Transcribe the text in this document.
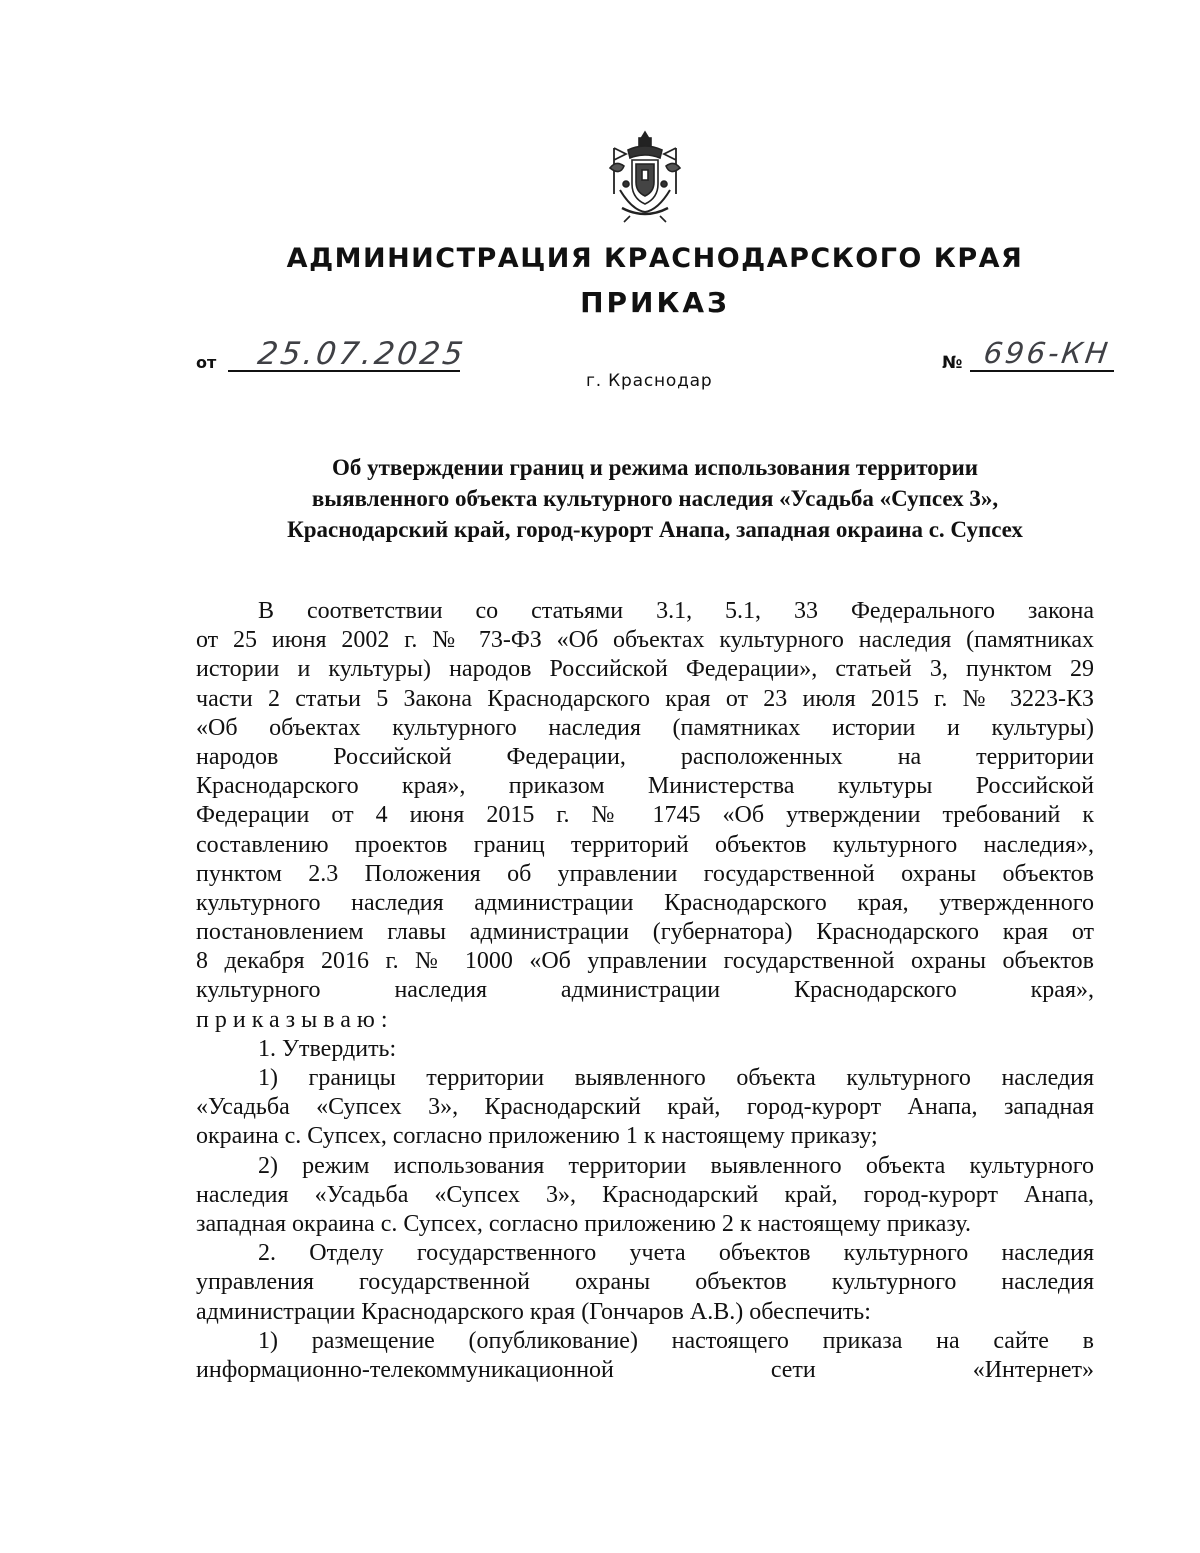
АДМИНИСТРАЦИЯ КРАСНОДАРСКОГО КРАЯ
ПРИКАЗ
от 25.07.2025	№ 696-КН
г. Краснодар
Об утверждении границ и режима использования территории
выявленного объекта культурного наследия «Усадьба «Супсех 3»,
Краснодарский край, город-курорт Анапа, западная окраина с. Супсех
В соответствии со статьями 3.1, 5.1, 33 Федерального закона
от 25 июня 2002 г. № 73-ФЗ «Об объектах культурного наследия (памятниках
истории и культуры) народов Российской Федерации», статьей 3, пунктом 29
части 2 статьи 5 Закона Краснодарского края от 23 июля 2015 г. № 3223-КЗ
«Об объектах культурного наследия (памятниках истории и культуры)
народов Российской Федерации, расположенных на территории
Краснодарского края», приказом Министерства культуры Российской
Федерации от 4 июня 2015 г. № 1745 «Об утверждении требований к
составлению проектов границ территорий объектов культурного наследия»,
пунктом 2.3 Положения об управлении государственной охраны объектов
культурного наследия администрации Краснодарского края, утвержденного
постановлением главы администрации (губернатора) Краснодарского края от
8 декабря 2016 г. № 1000 «Об управлении государственной охраны объектов
культурного наследия администрации Краснодарского края»,
приказываю:
1. Утвердить:
1) границы территории выявленного объекта культурного наследия
«Усадьба «Супсех 3», Краснодарский край, город-курорт Анапа, западная
окраина с. Супсех, согласно приложению 1 к настоящему приказу;
2) режим использования территории выявленного объекта культурного
наследия «Усадьба «Супсех 3», Краснодарский край, город-курорт Анапа,
западная окраина с. Супсех, согласно приложению 2 к настоящему приказу.
2. Отделу государственного учета объектов культурного наследия
управления государственной охраны объектов культурного наследия
администрации Краснодарского края (Гончаров А.В.) обеспечить:
1) размещение (опубликование) настоящего приказа на сайте в
информационно-телекоммуникационной сети «Интернет»
